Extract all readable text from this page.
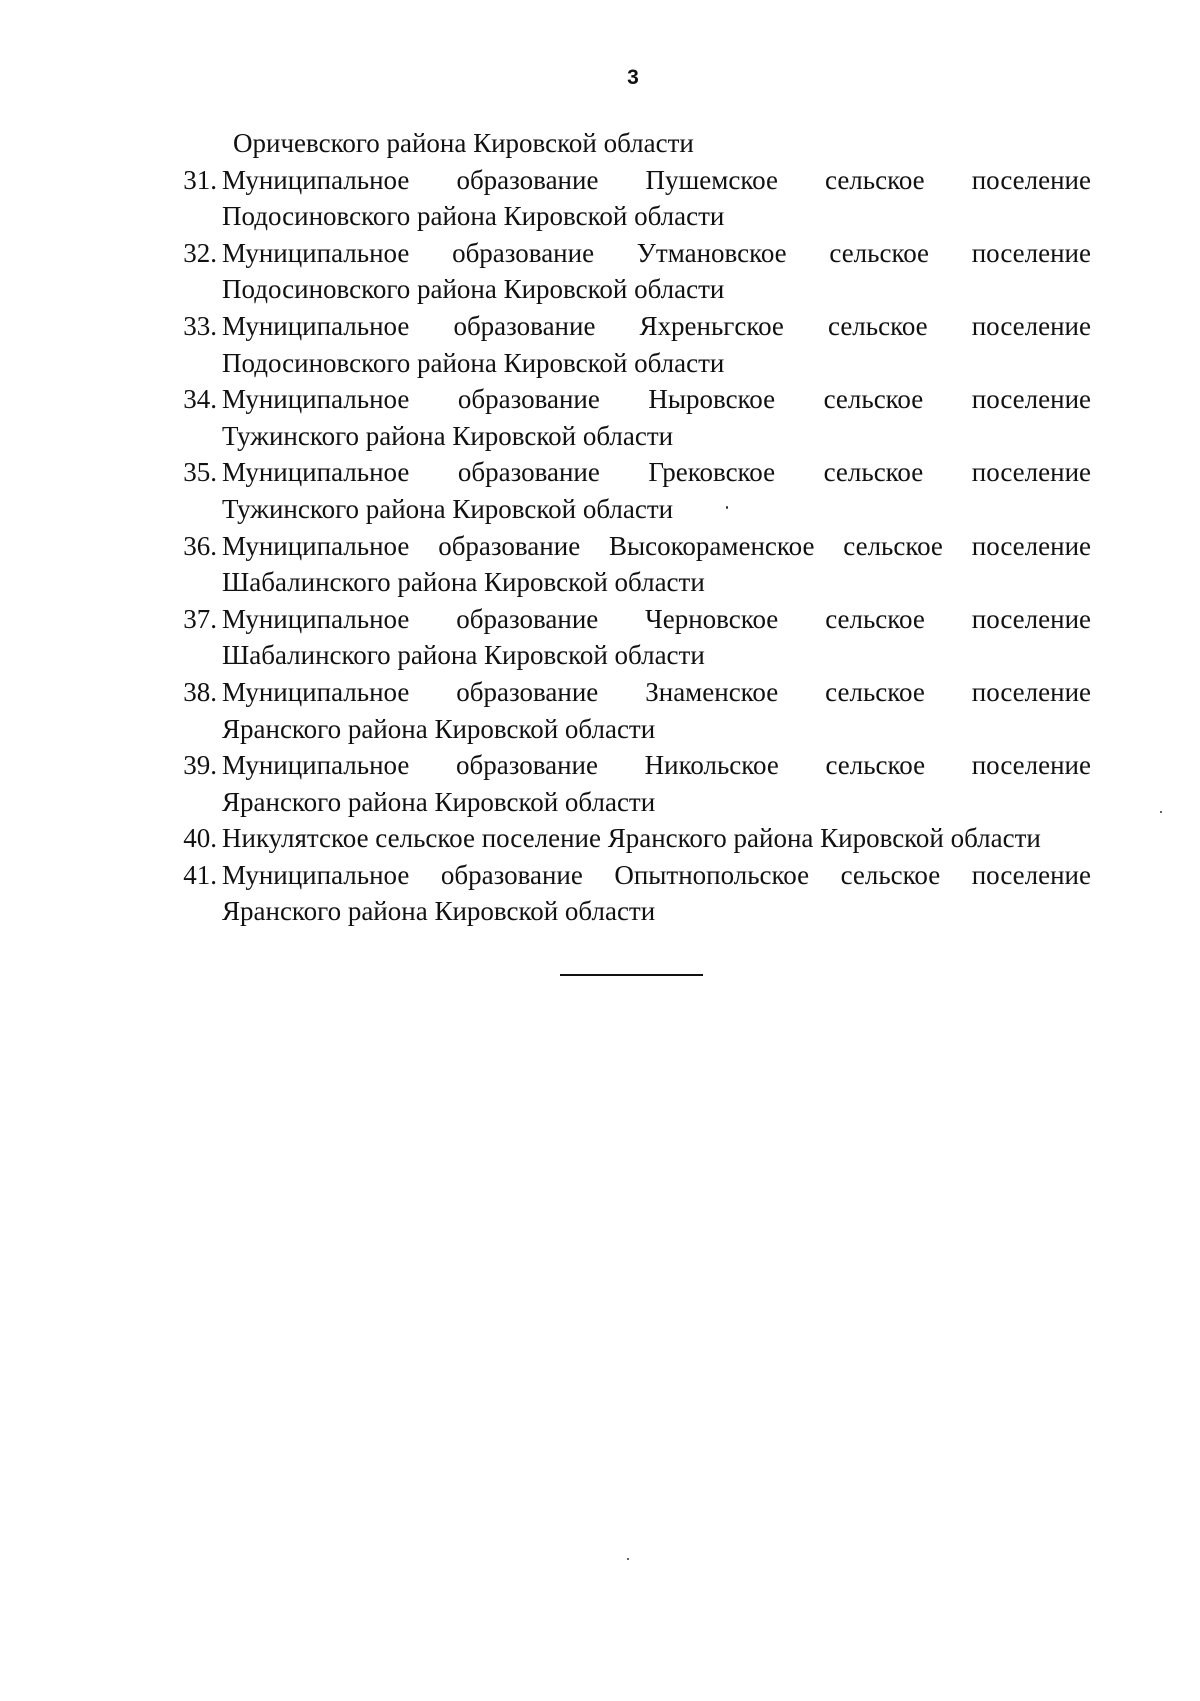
3
Оричевского района Кировской области
31. Муниципальное образование Пушемское сельское поселение
Подосиновского района Кировской области
32. Муниципальное образование Утмановское сельское поселение
Подосиновского района Кировской области
33. Муниципальное образование Яхреньгское сельское поселение
Подосиновского района Кировской области
34. Муниципальное образование Ныровское сельское поселение
Тужинского района Кировской области
35. Муниципальное образование Грековское сельское поселение
Тужинского района Кировской области
36. Муниципальное образование Высокораменское сельское поселение
Шабалинского района Кировской области
37. Муниципальное образование Черновское сельское поселение
Шабалинского района Кировской области
38. Муниципальное образование Знаменское сельское поселение
Яранского района Кировской области
39. Муниципальное образование Никольское сельское поселение
Яранского района Кировской области
40. Никулятское сельское поселение Яранского района Кировской области
41. Муниципальное образование Опытнопольское сельское поселение
Яранского района Кировской области
